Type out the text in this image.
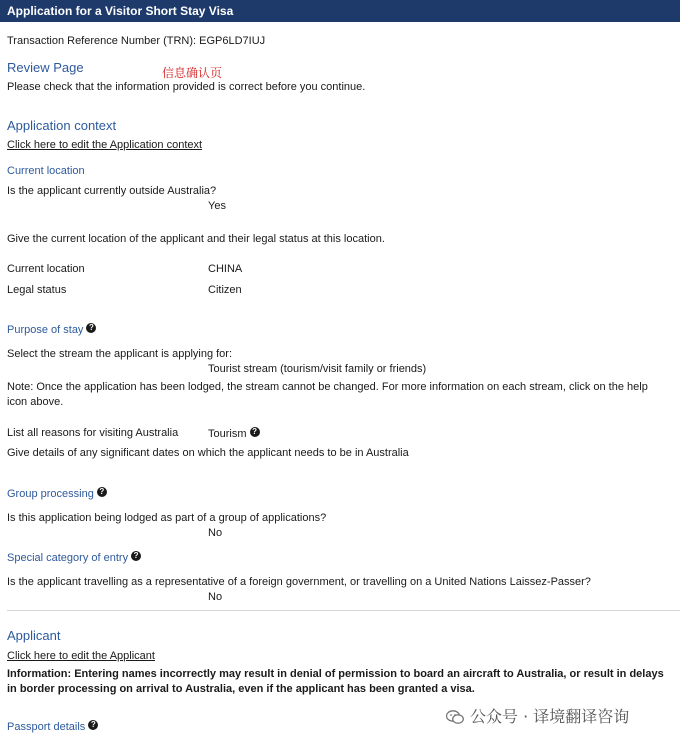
Application for a Visitor Short Stay Visa
Transaction Reference Number (TRN): EGP6LD7IUJ
Review Page	信息确认页
Please check that the information provided is correct before you continue.
Application context
Click here to edit the Application context
Current location
Is the applicant currently outside Australia?
Yes
Give the current location of the applicant and their legal status at this location.
Current location	CHINA
Legal status	Citizen
Purpose of stay ?
Select the stream the applicant is applying for:
Tourist stream (tourism/visit family or friends)
Note: Once the application has been lodged, the stream cannot be changed. For more information on each stream, click on the help icon above.
List all reasons for visiting Australia	Tourism ?
Give details of any significant dates on which the applicant needs to be in Australia
Group processing ?
Is this application being lodged as part of a group of applications?
No
Special category of entry ?
Is the applicant travelling as a representative of a foreign government, or travelling on a United Nations Laissez-Passer?
No
Applicant
Click here to edit the Applicant
Information: Entering names incorrectly may result in denial of permission to board an aircraft to Australia, or result in delays in border processing on arrival to Australia, even if the applicant has been granted a visa.
Passport details ?	公众号 · 译境翻译咨询
